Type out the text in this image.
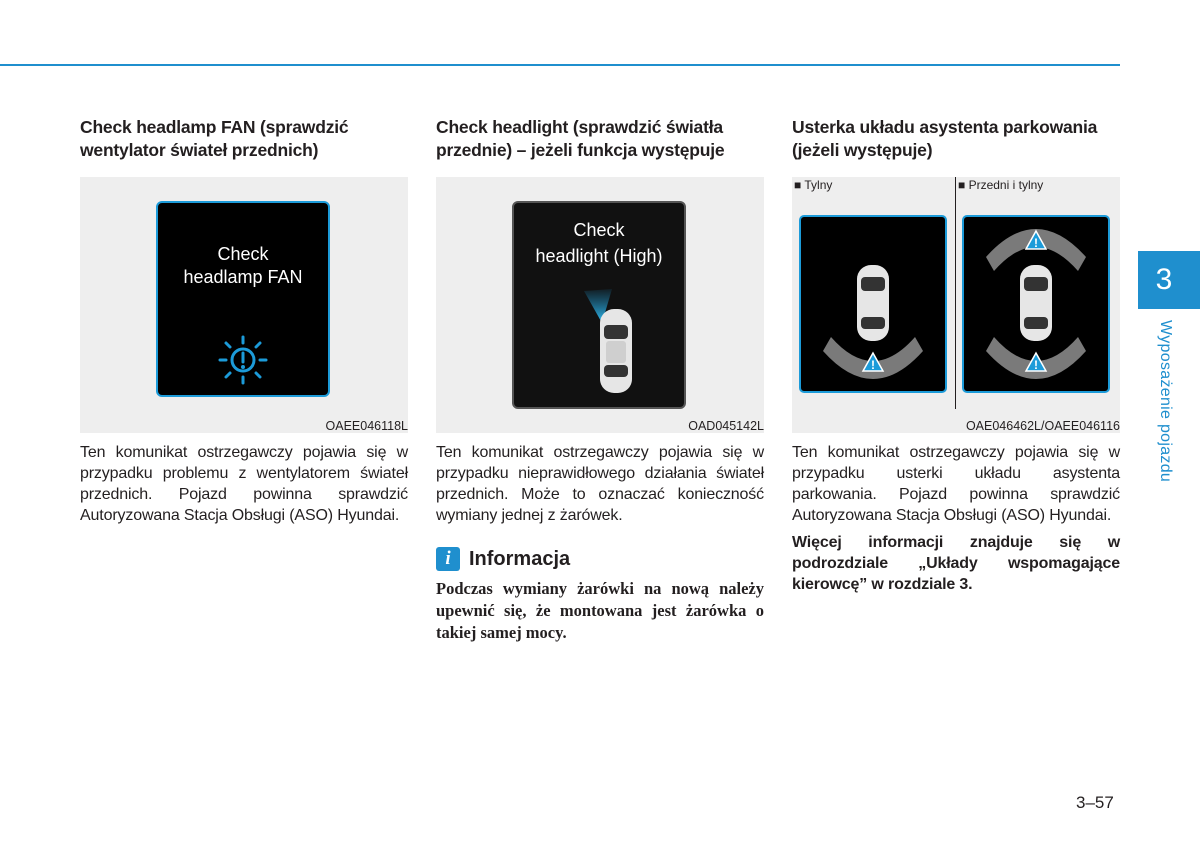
Check headlamp FAN (sprawdzić wentylator świateł przednich)
Check
headlamp FAN
OAEE046118L

Ten komunikat ostrzegawczy pojawia się w przypadku problemu z wentylatorem świateł przednich. Pojazd powinna sprawdzić Autoryzowana Stacja Obsługi (ASO) Hyundai.

Check headlight (sprawdzić światła przednie) – jeżeli funkcja występuje
Check
headlight (High)
OAD045142L

Ten komunikat ostrzegawczy pojawia się w przypadku nieprawidłowego działania świateł przednich. Może to oznaczać konieczność wymiany jednej z żarówek.

i Informacja

Podczas wymiany żarówki na nową należy upewnić się, że montowana jest żarówka o takiej samej mocy.

Usterka układu asystenta parkowania (jeżeli występuje)
■ Tylny	■ Przedni i tylny
!
!
!
OAE046462L/OAEE046116

Ten komunikat ostrzegawczy pojawia się w przypadku usterki układu asystenta parkowania. Pojazd powinna sprawdzić Autoryzowana Stacja Obsługi (ASO) Hyundai.

Więcej informacji znajduje się w podrozdziale „Układy wspomagające kierowcę” w rozdziale 3.

3
Wyposażenie pojazdu
3–57
